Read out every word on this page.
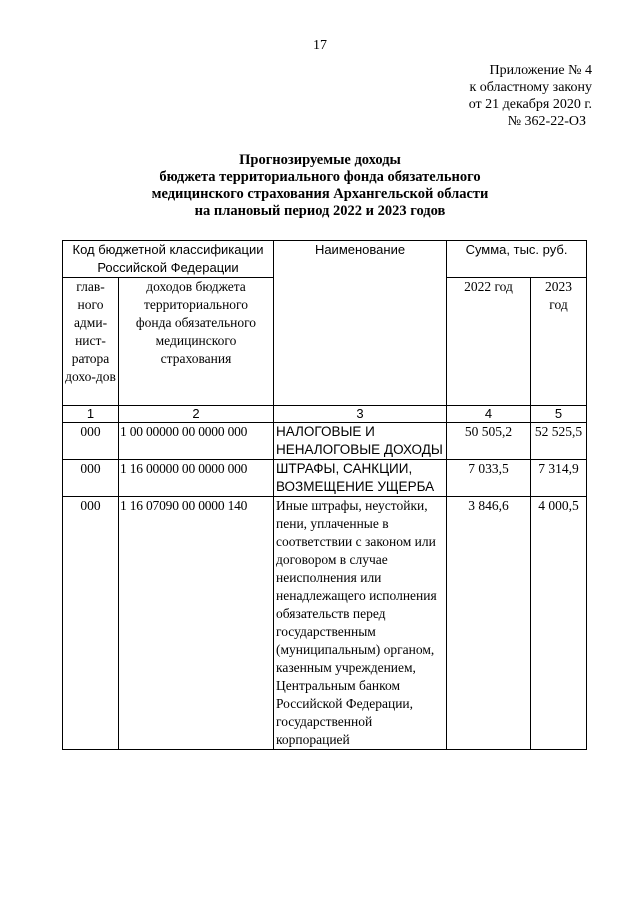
17
Приложение № 4
к областному закону
от 21 декабря 2020 г.
№ 362-22-ОЗ
Прогнозируемые доходы
бюджета территориального фонда обязательного
медицинского страхования Архангельской области
на плановый период 2022 и 2023 годов
Код бюджетной классификации Российской Федерации		Наименование	Сумма, тыс. руб.	
глав-ного адми-нист-ратора дохо-дов	доходов бюджета территориального фонда обязательного медицинского страхования		2022 год	2023 год
1	2	3	4	5
000	1 00 00000 00 0000 000	НАЛОГОВЫЕ И НЕНАЛОГОВЫЕ ДОХОДЫ	50 505,2	52 525,5
000	1 16 00000 00 0000 000	ШТРАФЫ, САНКЦИИ, ВОЗМЕЩЕНИЕ УЩЕРБА	7 033,5	7 314,9
000	1 16 07090 00 0000 140	Иные штрафы, неустойки, пени, уплаченные в соответствии с законом или договором в случае неисполнения или ненадлежащего исполнения обязательств перед государственным (муниципальным) органом, казенным учреждением, Центральным банком Российской Федерации, государственной корпорацией	3 846,6	4 000,5
